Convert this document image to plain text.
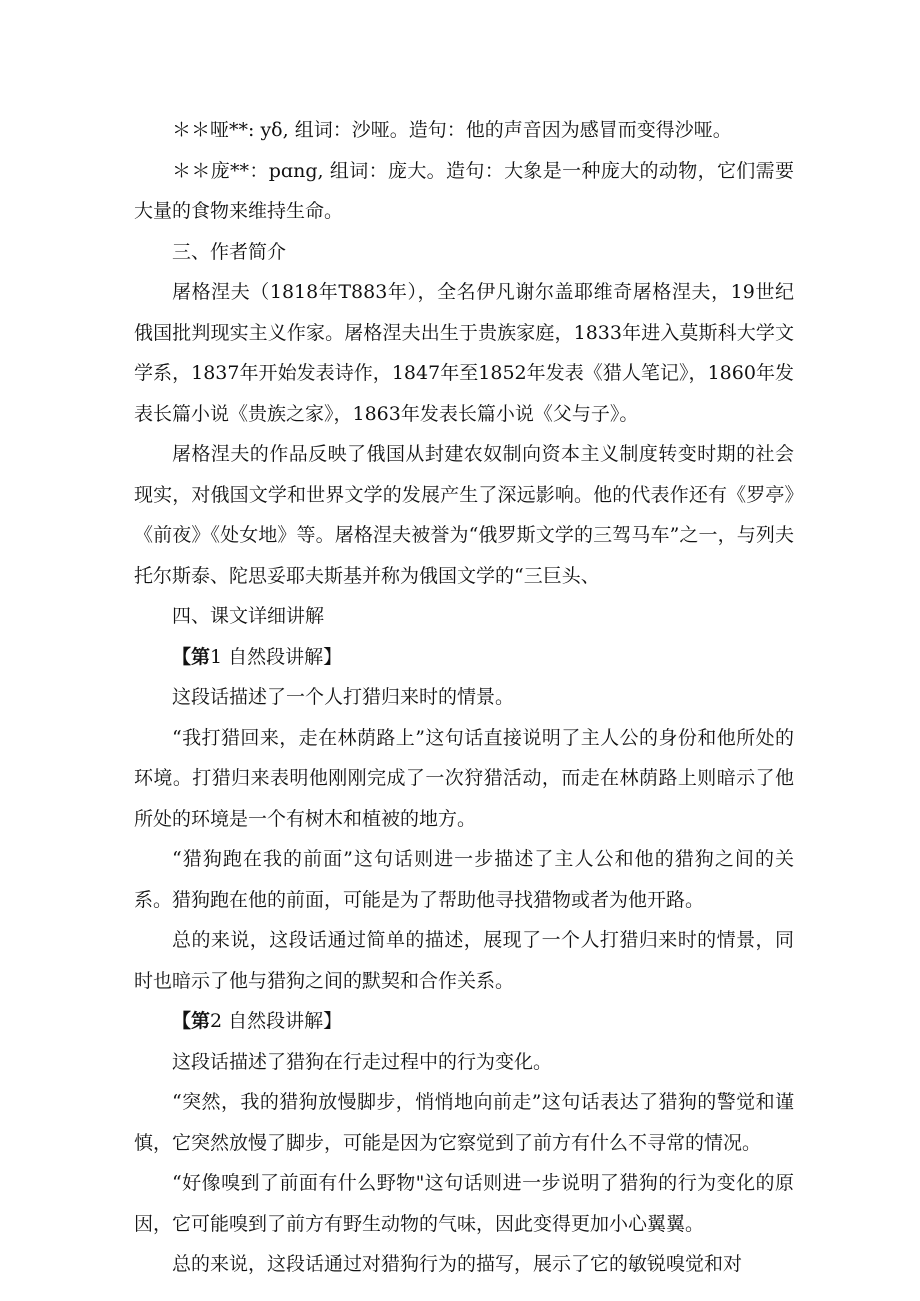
＊＊哑**: yδ, 组词：沙哑。造句：他的声音因为感冒而变得沙哑。

＊＊庞**：pɑng, 组词：庞大。造句：大象是一种庞大的动物，它们需要大量的食物来维持生命。

三、作者简介

屠格涅夫（1818年T883年），全名伊凡谢尔盖耶维奇屠格涅夫，19世纪俄国批判现实主义作家。屠格涅夫出生于贵族家庭，1833年进入莫斯科大学文学系，1837年开始发表诗作，1847年至1852年发表《猎人笔记》，1860年发表长篇小说《贵族之家》，1863年发表长篇小说《父与子》。

屠格涅夫的作品反映了俄国从封建农奴制向资本主义制度转变时期的社会现实，对俄国文学和世界文学的发展产生了深远影响。他的代表作还有《罗亭》《前夜》《处女地》等。屠格涅夫被誉为“俄罗斯文学的三驾马车”之一，与列夫托尔斯泰、陀思妥耶夫斯基并称为俄国文学的“三巨头、

四、课文详细讲解

【第1 自然段讲解】

这段话描述了一个人打猎归来时的情景。

“我打猎回来，走在林荫路上”这句话直接说明了主人公的身份和他所处的环境。打猎归来表明他刚刚完成了一次狩猎活动，而走在林荫路上则暗示了他所处的环境是一个有树木和植被的地方。

“猎狗跑在我的前面”这句话则进一步描述了主人公和他的猎狗之间的关系。猎狗跑在他的前面，可能是为了帮助他寻找猎物或者为他开路。

总的来说，这段话通过简单的描述，展现了一个人打猎归来时的情景，同时也暗示了他与猎狗之间的默契和合作关系。

【第2 自然段讲解】

这段话描述了猎狗在行走过程中的行为变化。

“突然，我的猎狗放慢脚步，悄悄地向前走”这句话表达了猎狗的警觉和谨慎，它突然放慢了脚步，可能是因为它察觉到了前方有什么不寻常的情况。

“好像嗅到了前面有什么野物"这句话则进一步说明了猎狗的行为变化的原因，它可能嗅到了前方有野生动物的气味，因此变得更加小心翼翼。

总的来说，这段话通过对猎狗行为的描写，展示了它的敏锐嗅觉和对
